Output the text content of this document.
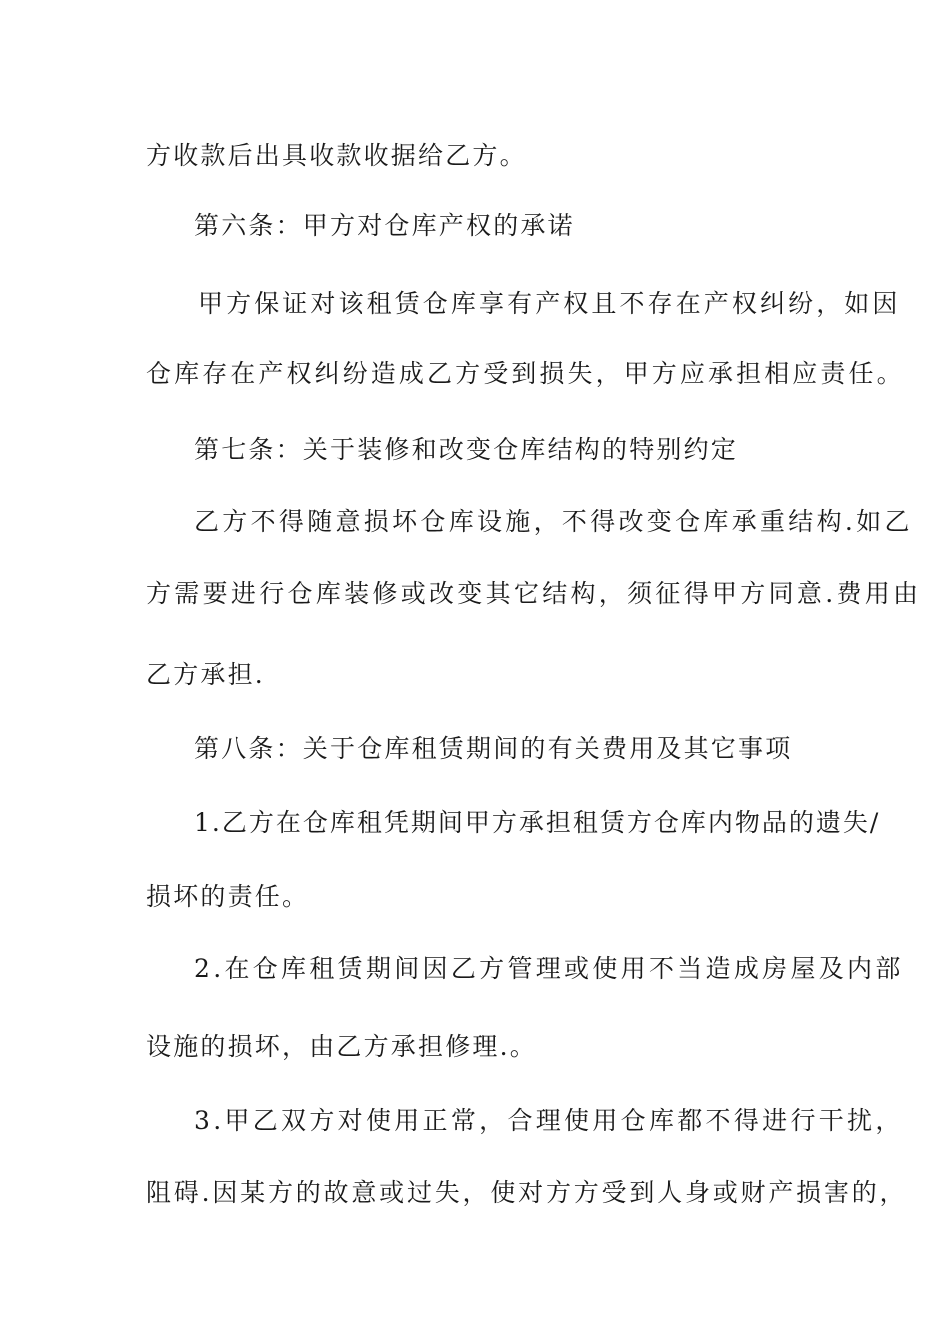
方收款后出具收款收据给乙方。
第六条：甲方对仓库产权的承诺
甲方保证对该租赁仓库享有产权且不存在产权纠纷，如因
仓库存在产权纠纷造成乙方受到损失，甲方应承担相应责任。
第七条：关于装修和改变仓库结构的特别约定
乙方不得随意损坏仓库设施，不得改变仓库承重结构.如乙
方需要进行仓库装修或改变其它结构，须征得甲方同意.费用由
乙方承担.
第八条：关于仓库租赁期间的有关费用及其它事项
1.乙方在仓库租凭期间甲方承担租赁方仓库内物品的遗失/
损坏的责任。
2.在仓库租赁期间因乙方管理或使用不当造成房屋及内部
设施的损坏，由乙方承担修理.。
3.甲乙双方对使用正常，合理使用仓库都不得进行干扰，
阻碍.因某方的故意或过失，使对方方受到人身或财产损害的，
